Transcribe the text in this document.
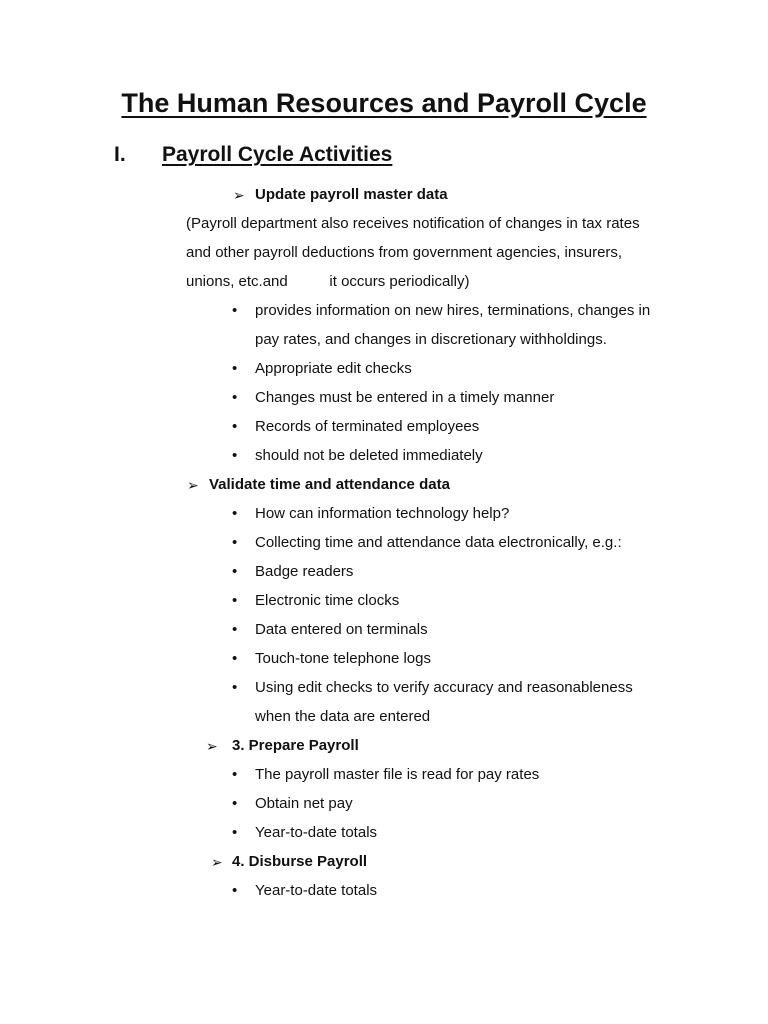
The Human Resources and Payroll Cycle
I. Payroll Cycle Activities
➢ Update payroll master data
(Payroll department also receives notification of changes in tax rates
and other payroll deductions from government agencies, insurers,
unions, etc.and          it occurs periodically)
• provides information on new hires, terminations, changes in
pay rates, and changes in discretionary withholdings.
• Appropriate edit checks
• Changes must be entered in a timely manner
• Records of terminated employees
• should not be deleted immediately
➢ Validate time and attendance data
• How can information technology help?
• Collecting time and attendance data electronically, e.g.:
• Badge readers
• Electronic time clocks
• Data entered on terminals
• Touch-tone telephone logs
• Using edit checks to verify accuracy and reasonableness
when the data are entered
➢ 3. Prepare Payroll
• The payroll master file is read for pay rates
• Obtain net pay
• Year-to-date totals
➢ 4. Disburse Payroll
• Year-to-date totals
